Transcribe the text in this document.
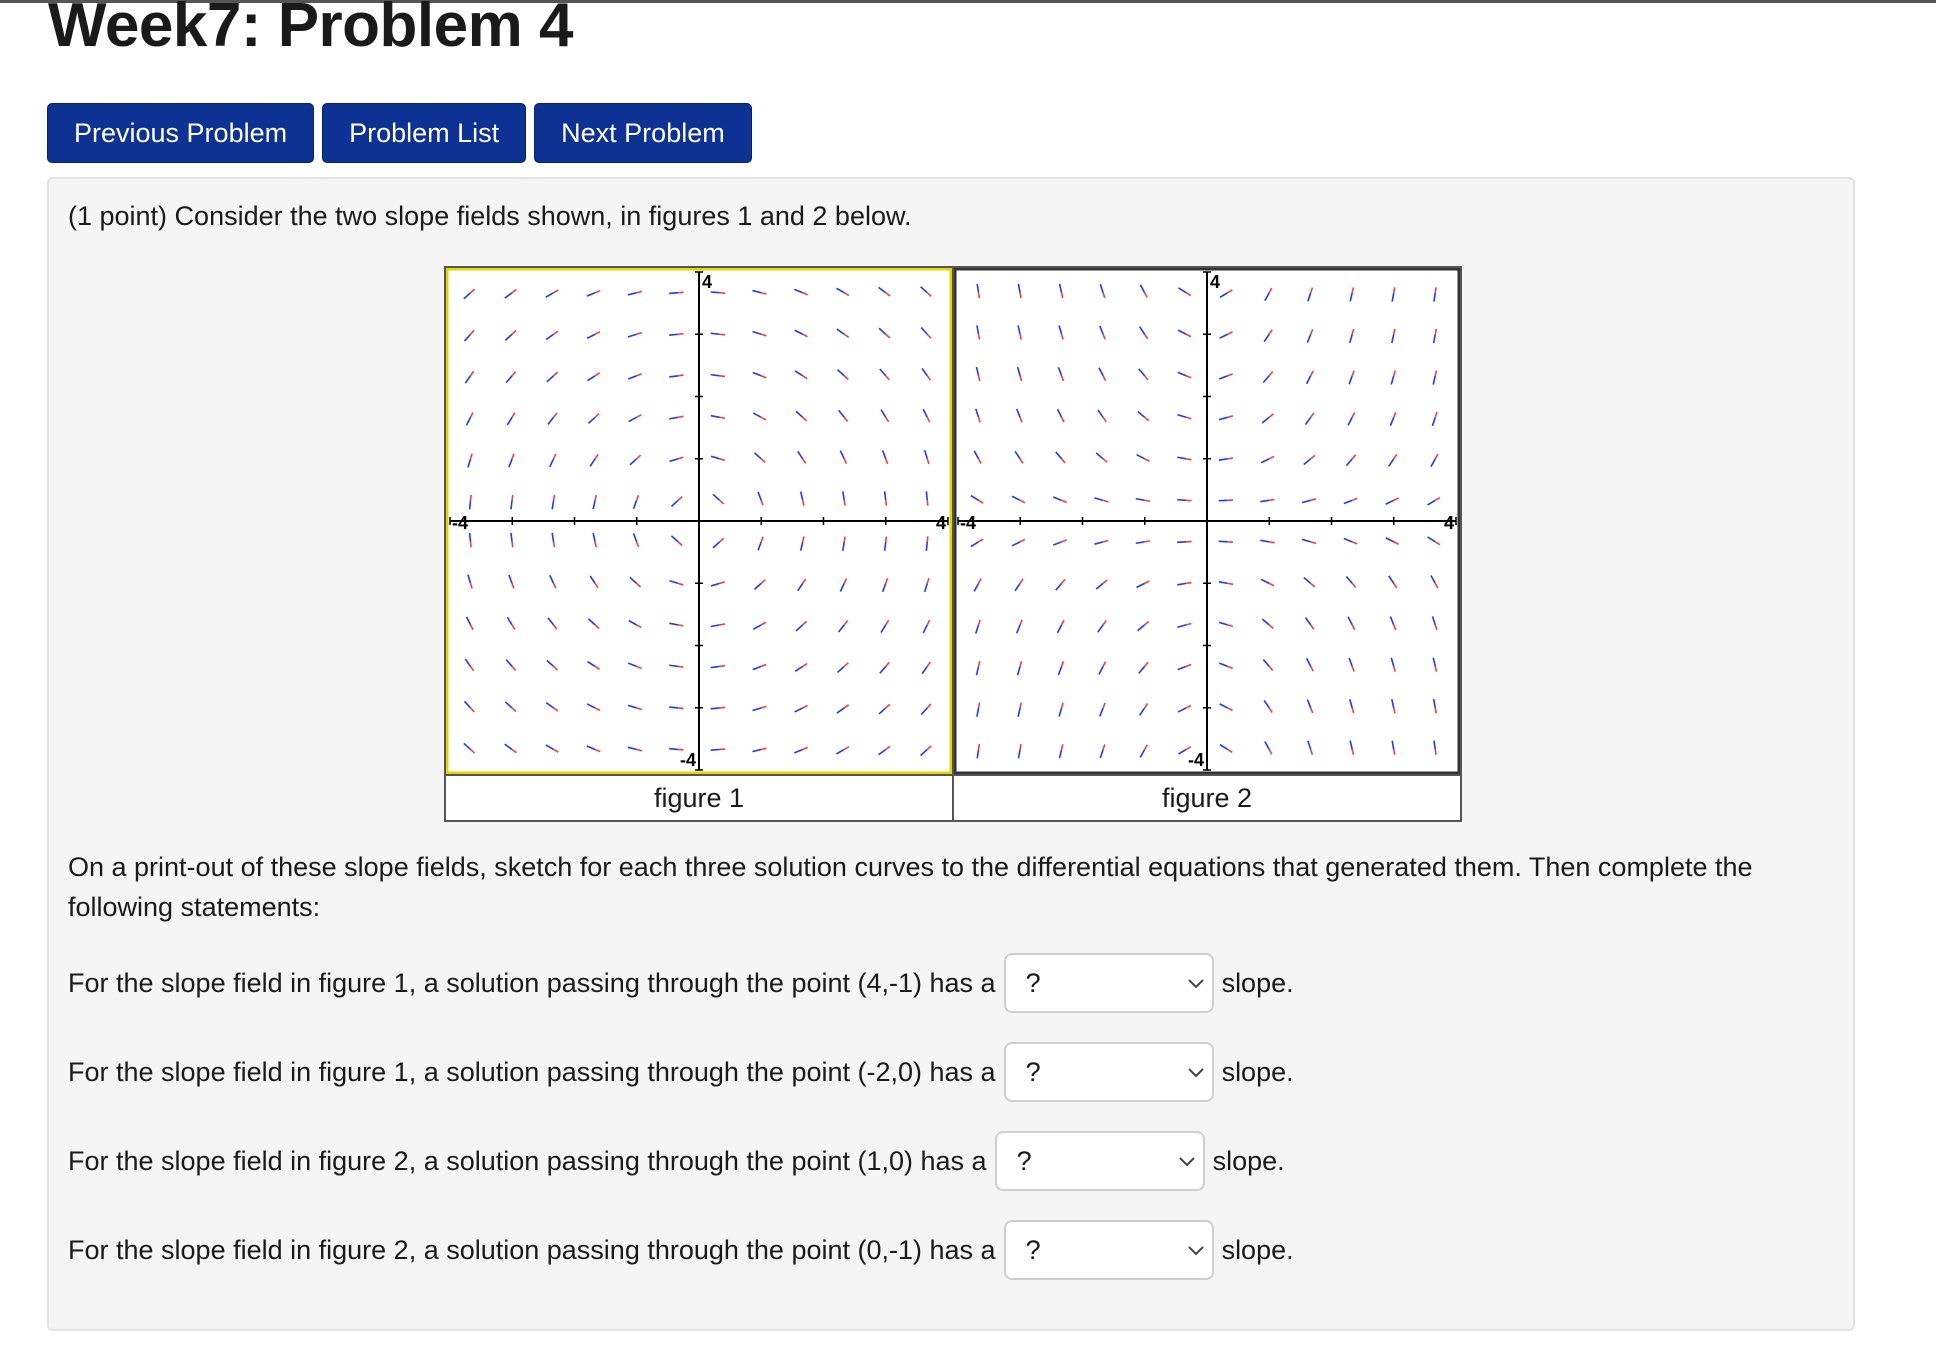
Week7: Problem 4
Previous Problem	Problem List	Next Problem
(1 point) Consider the two slope fields shown, in figures 1 and 2 below.
4
-4 4
-4	4
-4 4
-4

figure 1	figure 2
On a print-out of these slope fields, sketch for each three solution curves to the differential equations that generated them. Then complete the following statements:
For the slope field in figure 1, a solution passing through the point (4,-1) has a ?	slope.
For the slope field in figure 1, a solution passing through the point (-2,0) has a ?	slope.
For the slope field in figure 2, a solution passing through the point (1,0) has a ?	slope.
For the slope field in figure 2, a solution passing through the point (0,-1) has a ?	slope.
